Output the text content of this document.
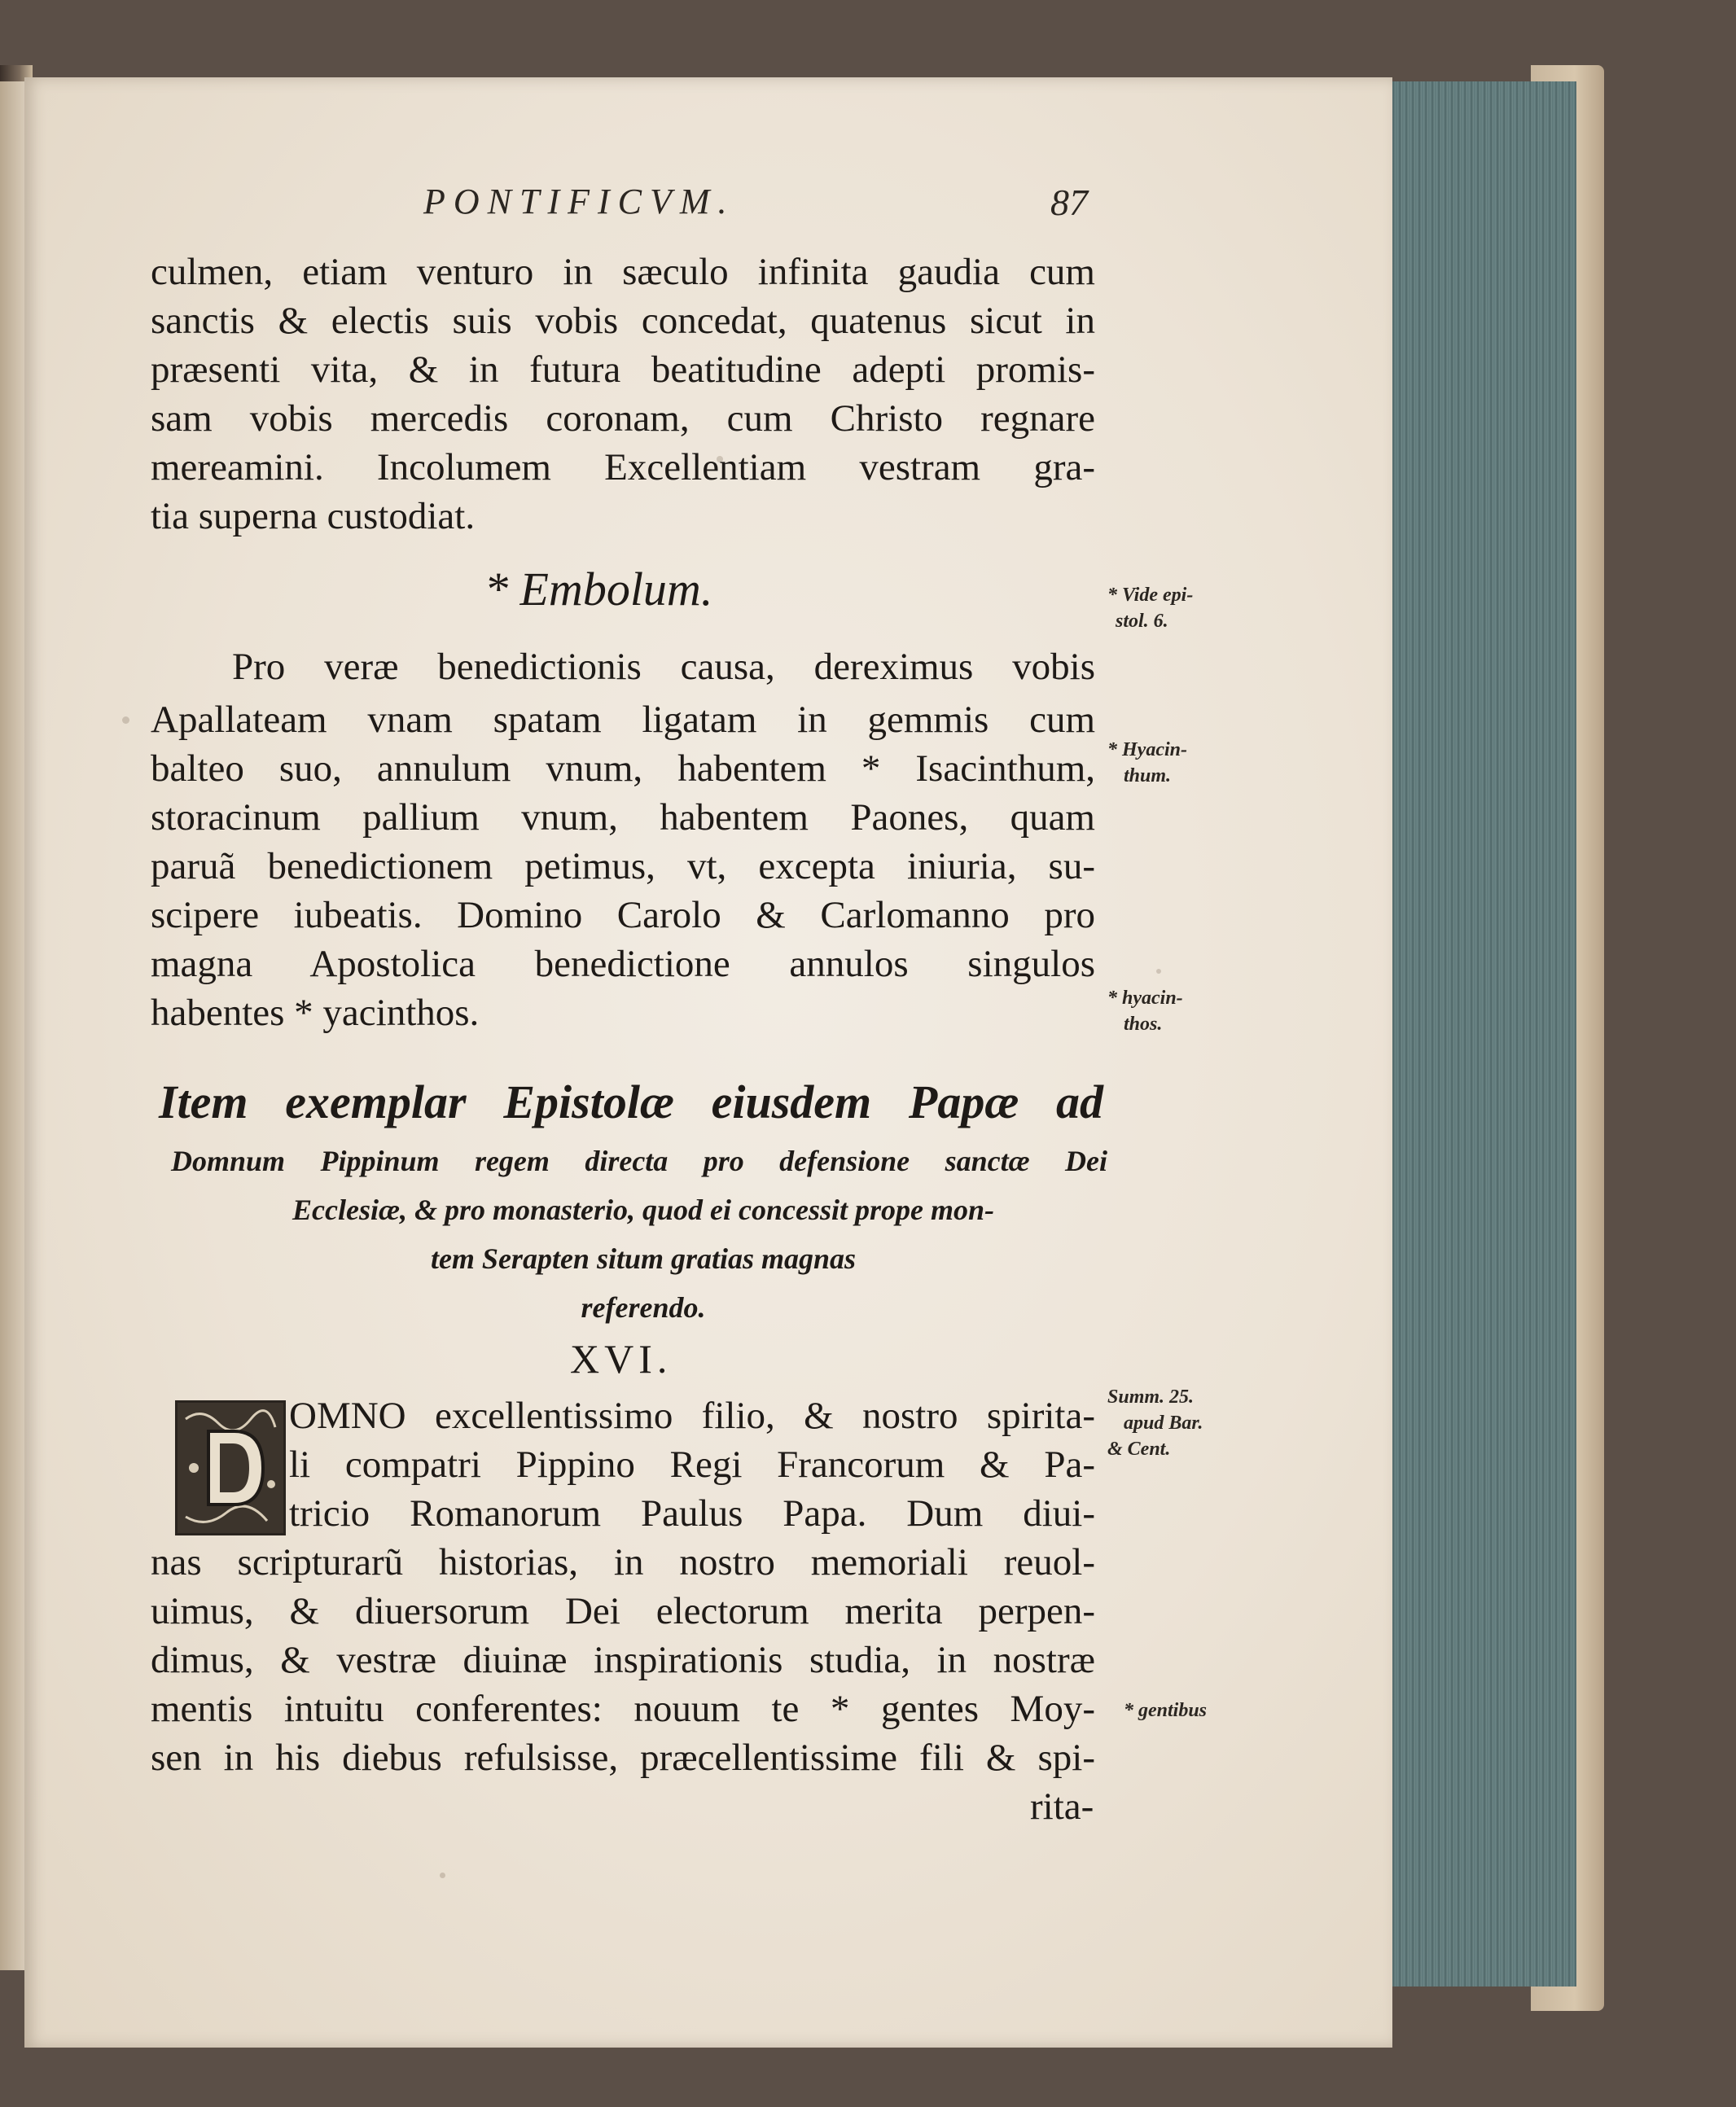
PONTIFICVM.	87
culmen, etiam venturo in sæculo infinita gaudia cum
sanctis & electis suis vobis concedat, quatenus sicut in
præsenti vita, & in futura beatitudine adepti promis-
sam vobis mercedis coronam, cum Christo regnare
mereamini. Incolumem Excellentiam vestram gra-
tia superna custodiat.
* Embolum.
Pro veræ benedictionis causa, dereximus vobis
Apallateam vnam spatam ligatam in gemmis cum
balteo suo, annulum vnum, habentem * Isacinthum,
storacinum pallium vnum, habentem Paones, quam
paruã benedictionem petimus, vt, excepta iniuria, su-
scipere iubeatis. Domino Carolo & Carlomanno pro
magna Apostolica benedictione annulos singulos
habentes * yacinthos.
Item exemplar Epistolæ eiusdem Papæ ad
Domnum Pippinum regem directa pro defensione sanctæ Dei
Ecclesiæ, & pro monasterio, quod ei concessit prope mon-
tem Serapten situm gratias magnas
referendo.
XVI.
OMNO excellentissimo filio, & nostro spirita-
li compatri Pippino Regi Francorum & Pa-
tricio Romanorum Paulus Papa. Dum diui-
nas scripturarũ historias, in nostro memoriali reuol-
uimus, & diuersorum Dei electorum merita perpen-
dimus, & vestræ diuinæ inspirationis studia, in nostræ
mentis intuitu conferentes: nouum te * gentes Moy-
sen in his diebus refulsisse, præcellentissime fili & spi-
rita-
* Vide epi-
stol. 6.
* Hyacin-
thum.
* hyacin-
thos.
Summ. 25.
apud Bar.
& Cent.
* gentibus
